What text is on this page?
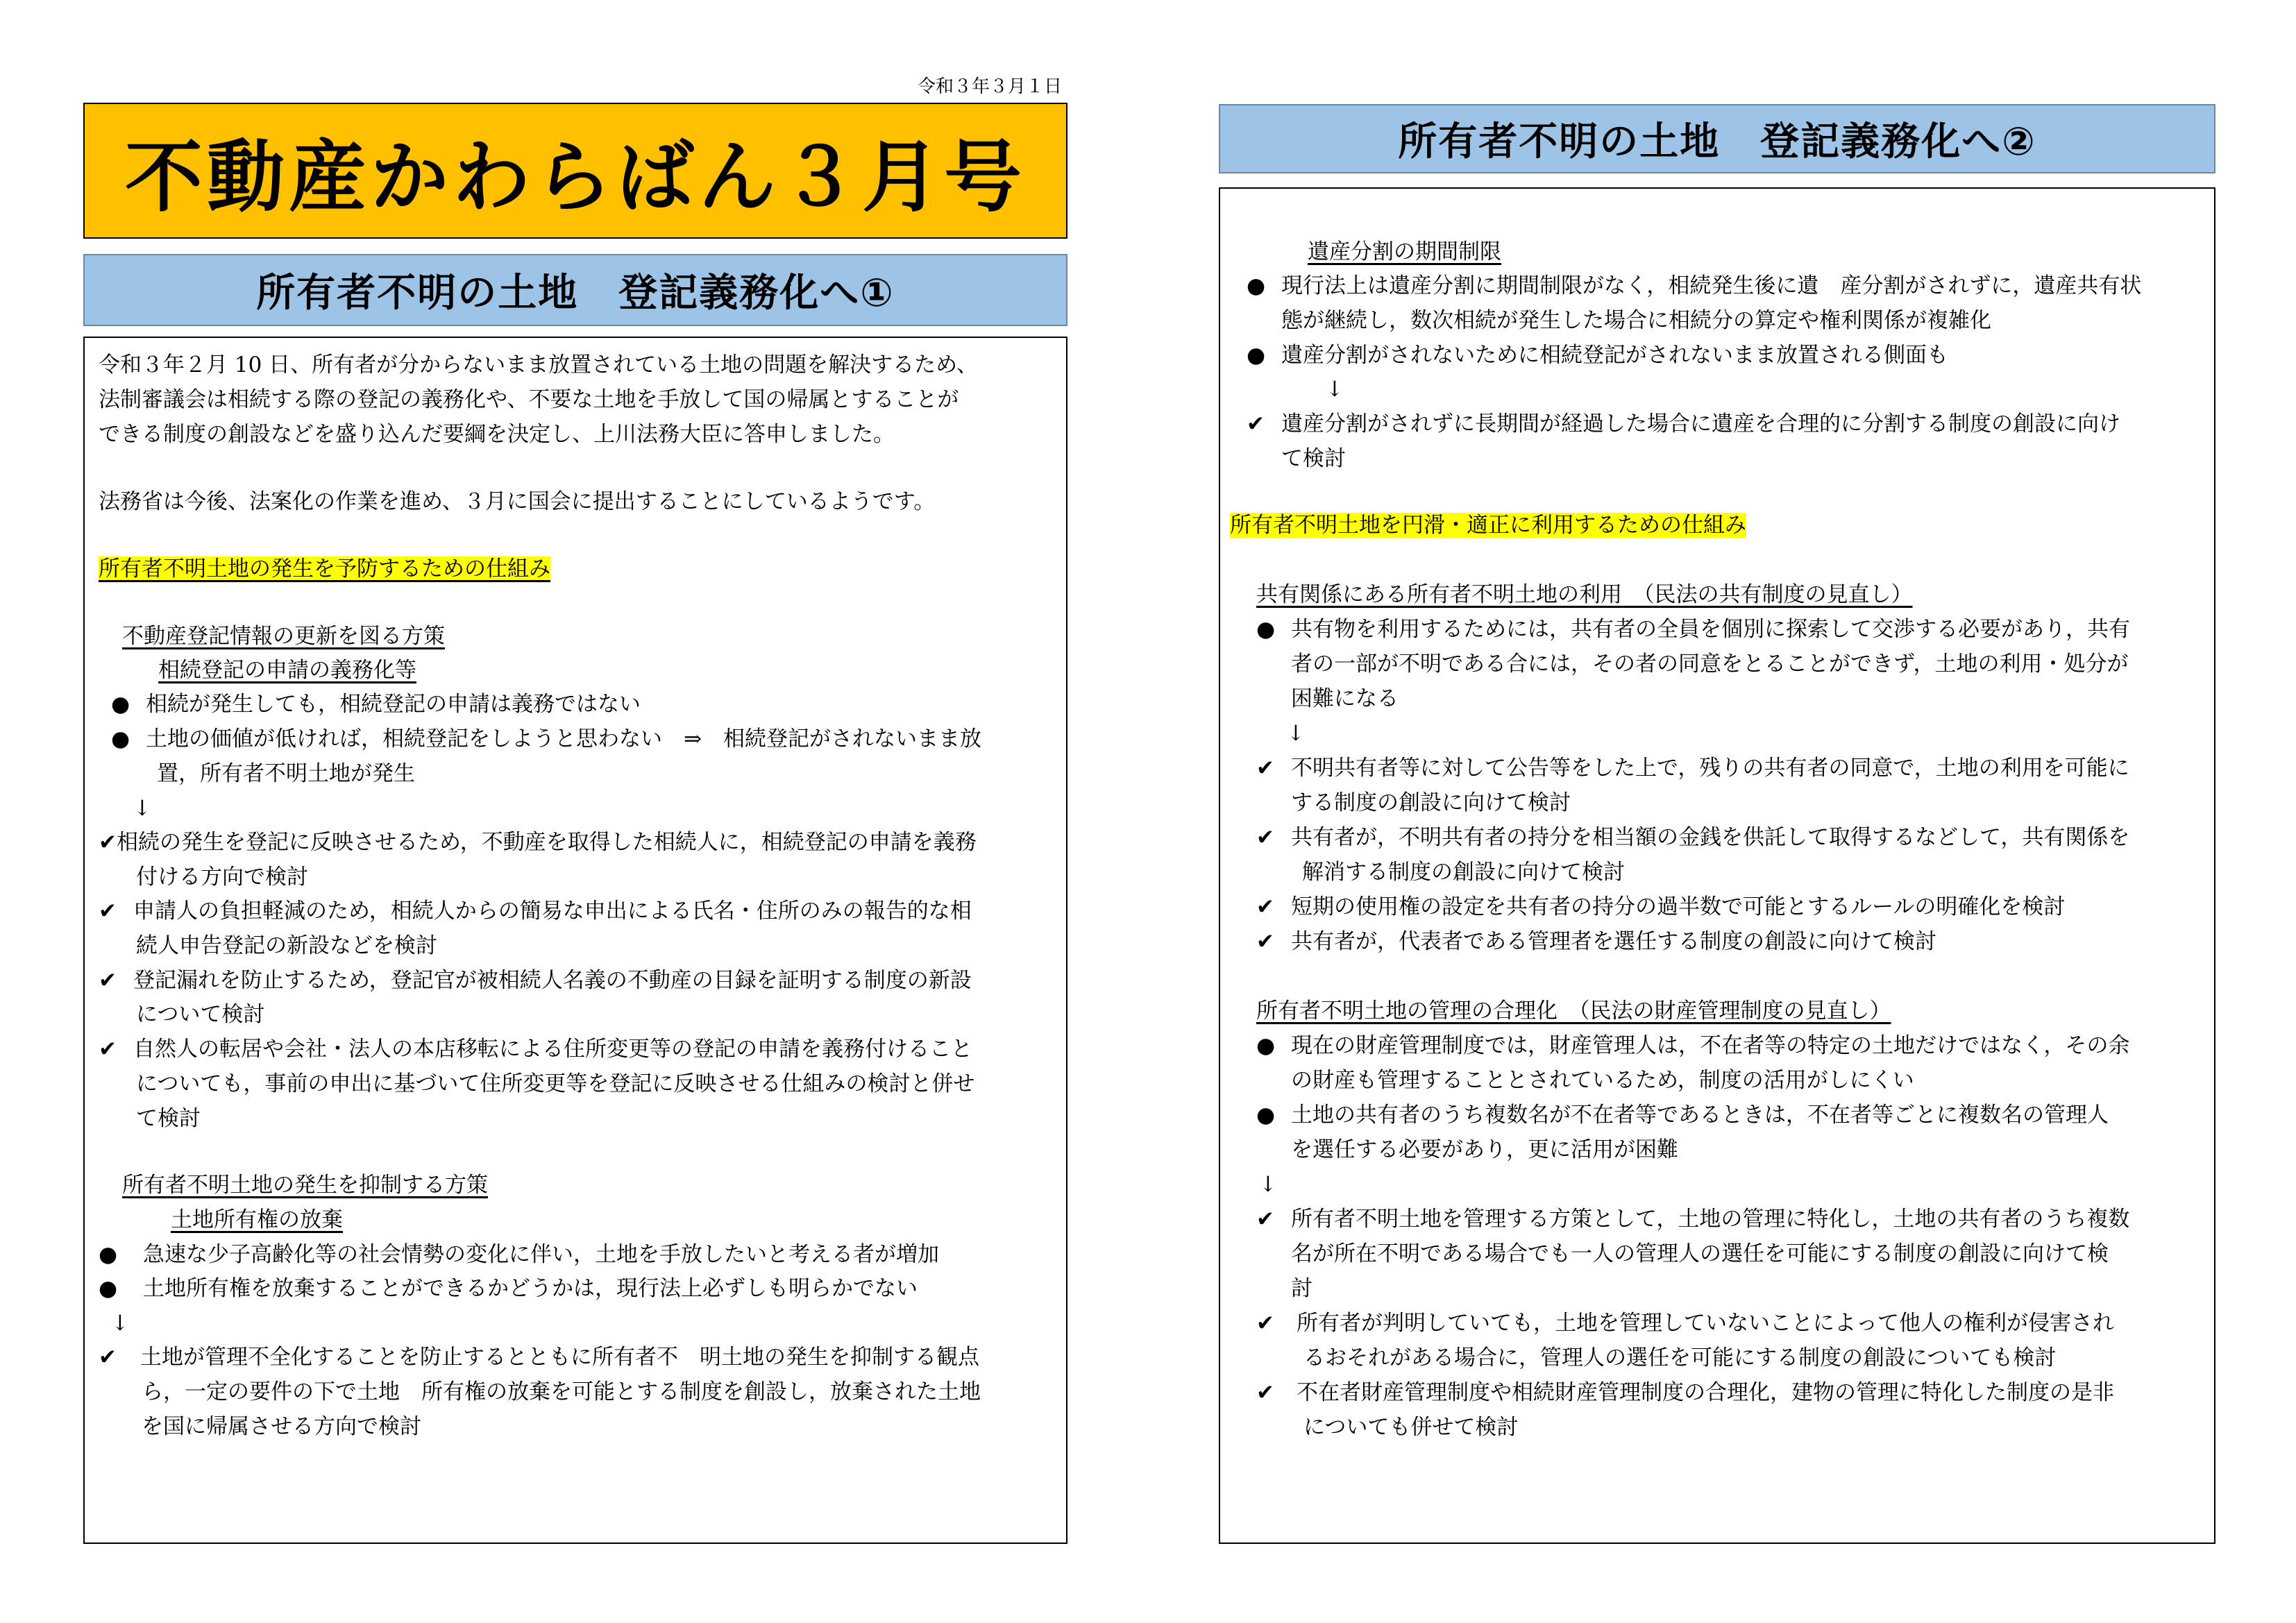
令和３年３月１日
不動産かわらばん３月号
所有者不明の土地　登記義務化へ①
所有者不明の土地　登記義務化へ②
令和３年２月 10 日、所有者が分からないまま放置されている土地の問題を解決するため、
法制審議会は相続する際の登記の義務化や、不要な土地を手放して国の帰属とすることが
できる制度の創設などを盛り込んだ要綱を決定し、上川法務大臣に答申しました。
法務省は今後、法案化の作業を進め、３月に国会に提出することにしているようです。
所有者不明土地の発生を予防するための仕組み
不動産登記情報の更新を図る方策
相続登記の申請の義務化等
● 相続が発生しても，相続登記の申請は義務ではない
● 土地の価値が低ければ，相続登記をしようと思わない　⇒　相続登記がされないまま放
置，所有者不明土地が発生
↓
✔相続の発生を登記に反映させるため，不動産を取得した相続人に，相続登記の申請を義務
付ける方向で検討
✔ 申請人の負担軽減のため，相続人からの簡易な申出による氏名・住所のみの報告的な相
続人申告登記の新設などを検討
✔ 登記漏れを防止するため，登記官が被相続人名義の不動産の目録を証明する制度の新設
について検討
✔ 自然人の転居や会社・法人の本店移転による住所変更等の登記の申請を義務付けること
についても，事前の申出に基づいて住所変更等を登記に反映させる仕組みの検討と併せ
て検討
所有者不明土地の発生を抑制する方策
土地所有権の放棄
● 急速な少子高齢化等の社会情勢の変化に伴い，土地を手放したいと考える者が増加
● 土地所有権を放棄することができるかどうかは，現行法上必ずしも明らかでない
↓
✔ 土地が管理不全化することを防止するとともに所有者不　明土地の発生を抑制する観点
ら，一定の要件の下で土地　所有権の放棄を可能とする制度を創設し，放棄された土地
を国に帰属させる方向で検討
遺産分割の期間制限
● 現行法上は遺産分割に期間制限がなく，相続発生後に遺　産分割がされずに，遺産共有状
態が継続し，数次相続が発生した場合に相続分の算定や権利関係が複雑化
● 遺産分割がされないために相続登記がされないまま放置される側面も
↓
✔ 遺産分割がされずに長期間が経過した場合に遺産を合理的に分割する制度の創設に向け
て検討
所有者不明土地を円滑・適正に利用するための仕組み
共有関係にある所有者不明土地の利用　（民法の共有制度の見直し）
● 共有物を利用するためには，共有者の全員を個別に探索して交渉する必要があり，共有
者の一部が不明である合には，その者の同意をとることができず，土地の利用・処分が
困難になる
↓
✔ 不明共有者等に対して公告等をした上で，残りの共有者の同意で，土地の利用を可能に
する制度の創設に向けて検討
✔ 共有者が，不明共有者の持分を相当額の金銭を供託して取得するなどして，共有関係を
解消する制度の創設に向けて検討
✔ 短期の使用権の設定を共有者の持分の過半数で可能とするルールの明確化を検討
✔ 共有者が，代表者である管理者を選任する制度の創設に向けて検討
所有者不明土地の管理の合理化　（民法の財産管理制度の見直し）
● 現在の財産管理制度では，財産管理人は，不在者等の特定の土地だけではなく，その余
の財産も管理することとされているため，制度の活用がしにくい
● 土地の共有者のうち複数名が不在者等であるときは，不在者等ごとに複数名の管理人
を選任する必要があり，更に活用が困難
↓
✔ 所有者不明土地を管理する方策として，土地の管理に特化し，土地の共有者のうち複数
名が所在不明である場合でも一人の管理人の選任を可能にする制度の創設に向けて検
討
✔ 所有者が判明していても，土地を管理していないことによって他人の権利が侵害され
るおそれがある場合に，管理人の選任を可能にする制度の創設についても検討
✔ 不在者財産管理制度や相続財産管理制度の合理化，建物の管理に特化した制度の是非
についても併せて検討
